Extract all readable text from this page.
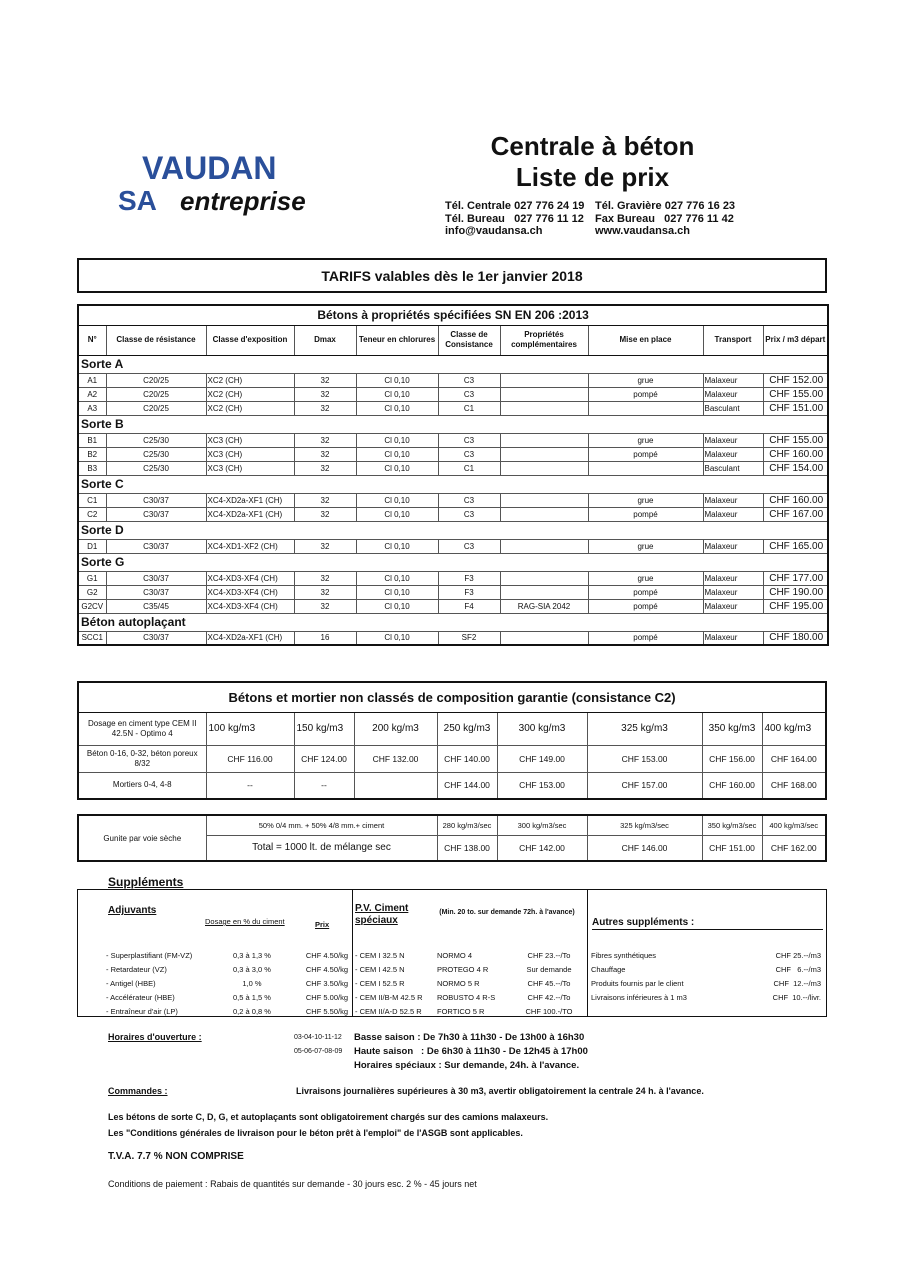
VAUDAN
SA entreprise
Centrale à béton
Liste de prix
Tél. Centrale 027 776 24 19 Tél. Gravière 027 776 16 23
Tél. Bureau   027 776 11 12	Fax Bureau   027 776 11 42
info@vaudansa.ch	www.vaudansa.ch
TARIFS valables dès le 1er janvier 2018
Bétons à propriétés spécifiées SN EN 206 :2013									
N°	Classe de résistance	Classe d'exposition	Dmax	Teneur en chlorures	Classe de Consistance	Propriétés complémentaires	Mise en place	Transport	Prix / m3 départ
Sorte A									
A1	C20/25	XC2 (CH)	32	Cl 0,10	C3		grue	Malaxeur	CHF 152.00
A2	C20/25	XC2 (CH)	32	Cl 0,10	C3		pompé	Malaxeur	CHF 155.00
A3	C20/25	XC2 (CH)	32	Cl 0,10	C1			Basculant	CHF 151.00
Sorte B									
B1	C25/30	XC3 (CH)	32	Cl 0,10	C3		grue	Malaxeur	CHF 155.00
B2	C25/30	XC3 (CH)	32	Cl 0,10	C3		pompé	Malaxeur	CHF 160.00
B3	C25/30	XC3 (CH)	32	Cl 0,10	C1			Basculant	CHF 154.00
Sorte C									
C1	C30/37	XC4-XD2a-XF1 (CH)	32	Cl 0,10	C3		grue	Malaxeur	CHF 160.00
C2	C30/37	XC4-XD2a-XF1 (CH)	32	Cl 0,10	C3		pompé	Malaxeur	CHF 167.00
Sorte D									
D1	C30/37	XC4-XD1-XF2 (CH)	32	Cl 0,10	C3		grue	Malaxeur	CHF 165.00
Sorte G									
G1	C30/37	XC4-XD3-XF4 (CH)	32	Cl 0,10	F3		grue	Malaxeur	CHF 177.00
G2	C30/37	XC4-XD3-XF4 (CH)	32	Cl 0,10	F3		pompé	Malaxeur	CHF 190.00
G2CV	C35/45	XC4-XD3-XF4 (CH)	32	Cl 0,10	F4	RAG-SIA 2042	pompé	Malaxeur	CHF 195.00
Béton autoplaçant									
SCC1	C30/37	XC4-XD2a-XF1 (CH)	16	Cl 0,10	SF2		pompé	Malaxeur	CHF 180.00
Bétons et mortier non classés de composition garantie (consistance C2)								
Dosage en ciment type CEM II 42.5N - Optimo 4	100 kg/m3	150 kg/m3	200 kg/m3	250 kg/m3	300 kg/m3	325 kg/m3	350 kg/m3	400 kg/m3
Béton 0-16, 0-32, béton poreux 8/32	CHF 116.00	CHF 124.00	CHF 132.00	CHF 140.00	CHF 149.00	CHF 153.00	CHF 156.00	CHF 164.00
Mortiers 0-4, 4-8	--	--		CHF 144.00	CHF 153.00	CHF 157.00	CHF 160.00	CHF 168.00
Gunite par voie sèche	50% 0/4 mm. + 50% 4/8 mm.+ ciment	280 kg/m3/sec	300 kg/m3/sec	325 kg/m3/sec	350 kg/m3/sec	400 kg/m3/sec
	Total = 1000 lt. de mélange sec	CHF 138.00	CHF 142.00	CHF 146.00	CHF 151.00	CHF 162.00
Suppléments
Adjuvants
Dosage en % du ciment	Prix
- Superplastifiant (FM-VZ)	0,3 à 1,3 %	CHF 4.50/kg
- Retardateur (VZ)	0,3 à 3,0 %	CHF 4.50/kg
- Antigel (HBE)	1,0 %	CHF 3.50/kg
- Accélérateur (HBE)	0,5 à 1,5 %	CHF 5.00/kg
- Entraîneur d'air (LP)	0,2 à 0,8 %	CHF 5.50/kg
P.V. Ciment spéciaux
(Min. 20 to. sur demande 72h. à l'avance)
- CEM I 32.5 N	NORMO 4	CHF 23.--/To
- CEM I 42.5 N	PROTEGO 4 R	Sur demande
- CEM I 52.5 R	NORMO 5 R	CHF 45.--/To
- CEM II/B-M 42.5 R	ROBUSTO 4 R-S	CHF 42.--/To
- CEM II/A-D 52.5 R	FORTICO 5 R	CHF 100.-/TO
Autres suppléments :
Fibres synthétiques	CHF 25.--/m3
Chauffage	CHF   6.--/m3
Produits fournis par le client	CHF  12.--/m3
Livraisons inférieures à 1 m3	CHF  10.--/livr.
Horaires d'ouverture :	03-04-10-11-12	Basse saison : De 7h30 à 11h30 - De 13h00 à 16h30
05-06-07-08-09	Haute saison   : De 6h30 à 11h30 - De 12h45 à 17h00
Horaires spéciaux : Sur demande, 24h. à l'avance.
Commandes :	Livraisons journalières supérieures à 30 m3, avertir obligatoirement la centrale 24 h. à l'avance.
Les bétons de sorte C, D, G, et autoplaçants sont obligatoirement chargés sur des camions malaxeurs.
Les "Conditions générales de livraison pour le béton prêt à l'emploi" de l'ASGB sont applicables.
T.V.A. 7.7 % NON COMPRISE
Conditions de paiement : Rabais de quantités sur demande - 30 jours esc. 2 % - 45 jours net
